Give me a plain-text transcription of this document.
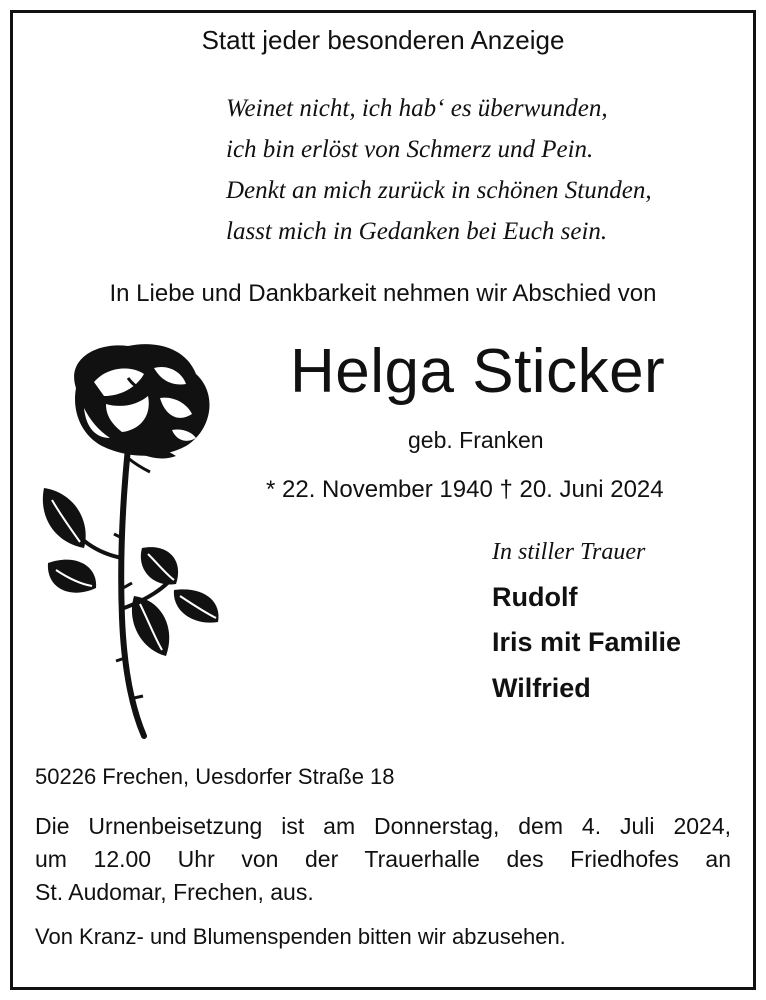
Statt jeder besonderen Anzeige
Weinet nicht, ich hab‘ es überwunden,
ich bin erlöst von Schmerz und Pein.
Denkt an mich zurück in schönen Stunden,
lasst mich in Gedanken bei Euch sein.
In Liebe und Dankbarkeit nehmen wir Abschied von
Helga Sticker
geb. Franken
* 22. November 1940 † 20. Juni 2024
In stiller Trauer
Rudolf
Iris mit Familie
Wilfried
50226 Frechen, Uesdorfer Straße 18
Die Urnenbeisetzung ist am Donnerstag, dem 4. Juli 2024,
um 12.00 Uhr von der Trauerhalle des Friedhofes an
St. Audomar, Frechen, aus.
Von Kranz- und Blumenspenden bitten wir abzusehen.
